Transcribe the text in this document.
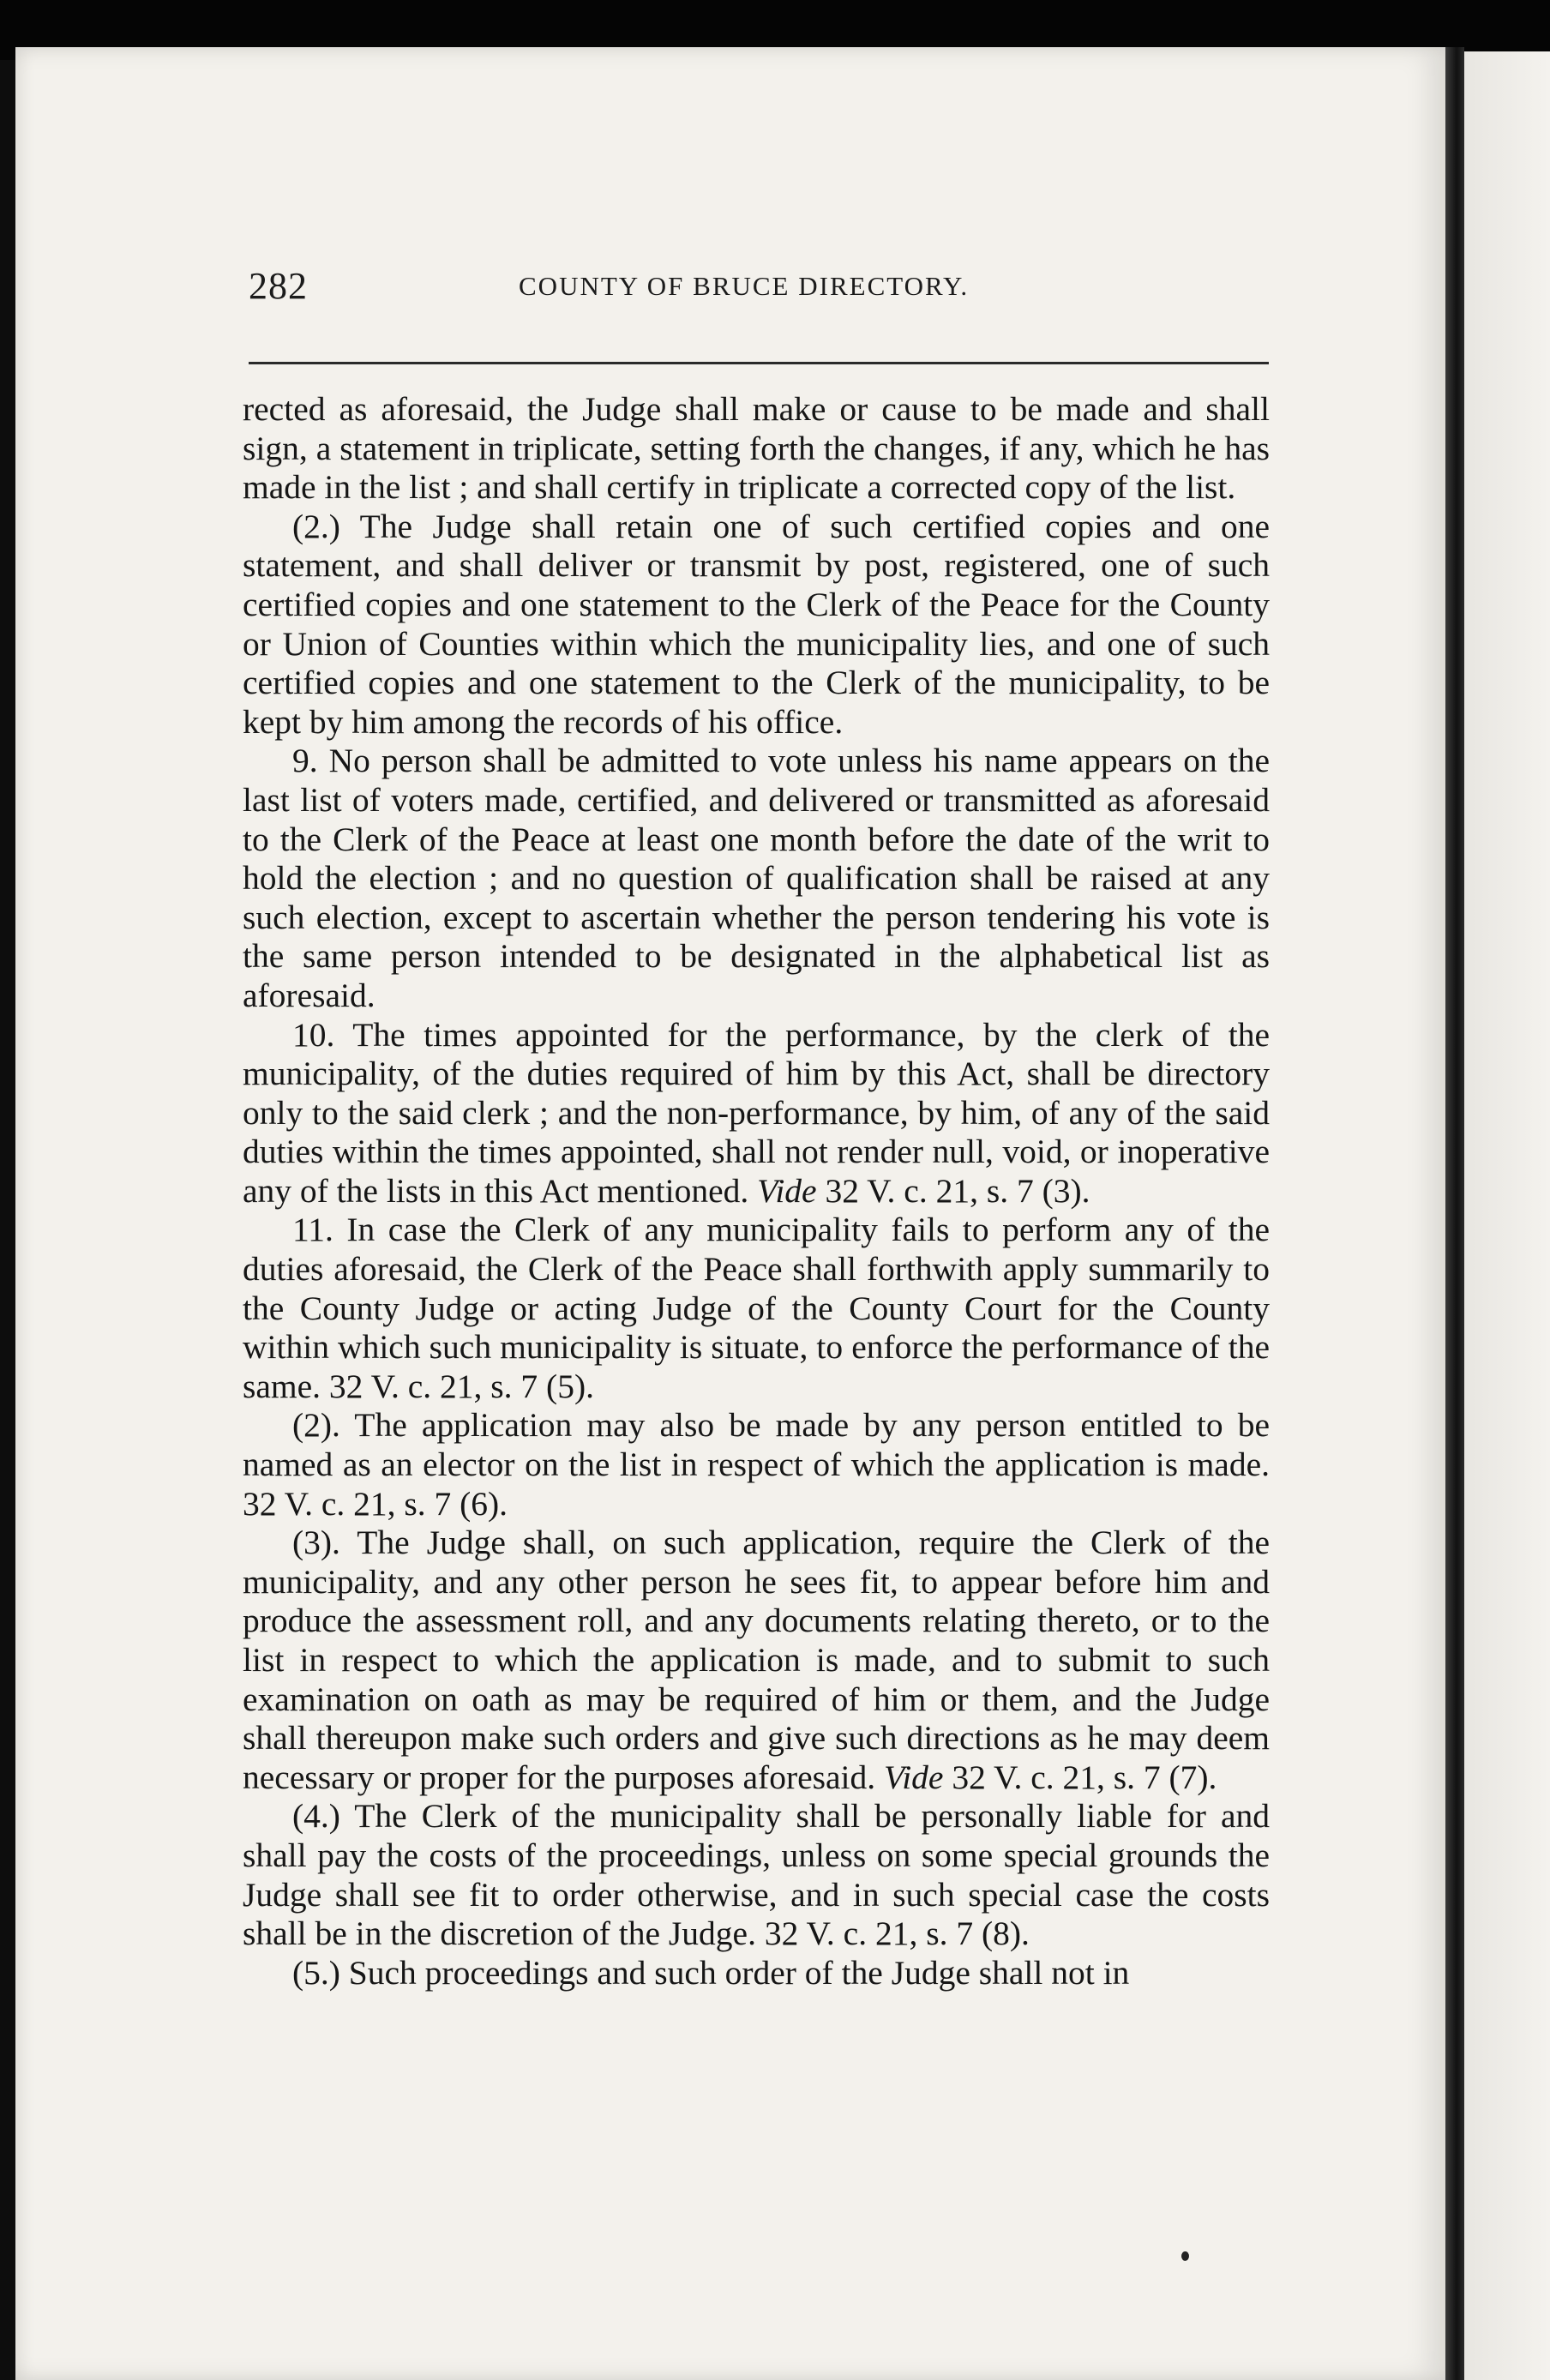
282	COUNTY OF BRUCE DIRECTORY.

rected as aforesaid, the Judge shall make or cause to be made and shall sign, a statement in triplicate, setting forth the changes, if any, which he has made in the list ; and shall certify in triplicate a corrected copy of the list.

(2.) The Judge shall retain one of such certified copies and one statement, and shall deliver or transmit by post, registered, one of such certified copies and one statement to the Clerk of the Peace for the County or Union of Counties within which the municipality lies, and one of such certified copies and one statement to the Clerk of the municipality, to be kept by him among the records of his office.

9. No person shall be admitted to vote unless his name appears on the last list of voters made, certified, and delivered or transmitted as aforesaid to the Clerk of the Peace at least one month before the date of the writ to hold the election ; and no question of qualification shall be raised at any such election, except to ascertain whether the person tendering his vote is the same person intended to be designated in the alphabetical list as aforesaid.

10. The times appointed for the performance, by the clerk of the municipality, of the duties required of him by this Act, shall be directory only to the said clerk ; and the non-performance, by him, of any of the said duties within the times appointed, shall not render null, void, or inoperative any of the lists in this Act mentioned. Vide 32 V. c. 21, s. 7 (3).

11. In case the Clerk of any municipality fails to perform any of the duties aforesaid, the Clerk of the Peace shall forthwith apply summarily to the County Judge or acting Judge of the County Court for the County within which such municipality is situate, to enforce the performance of the same. 32 V. c. 21, s. 7 (5).

(2). The application may also be made by any person entitled to be named as an elector on the list in respect of which the application is made. 32 V. c. 21, s. 7 (6).

(3). The Judge shall, on such application, require the Clerk of the municipality, and any other person he sees fit, to appear before him and produce the assessment roll, and any documents relating thereto, or to the list in respect to which the application is made, and to submit to such examination on oath as may be required of him or them, and the Judge shall thereupon make such orders and give such directions as he may deem necessary or proper for the purposes aforesaid. Vide 32 V. c. 21, s. 7 (7).

(4.) The Clerk of the municipality shall be personally liable for and shall pay the costs of the proceedings, unless on some special grounds the Judge shall see fit to order otherwise, and in such special case the costs shall be in the discretion of the Judge. 32 V. c. 21, s. 7 (8).

(5.) Such proceedings and such order of the Judge shall not in
